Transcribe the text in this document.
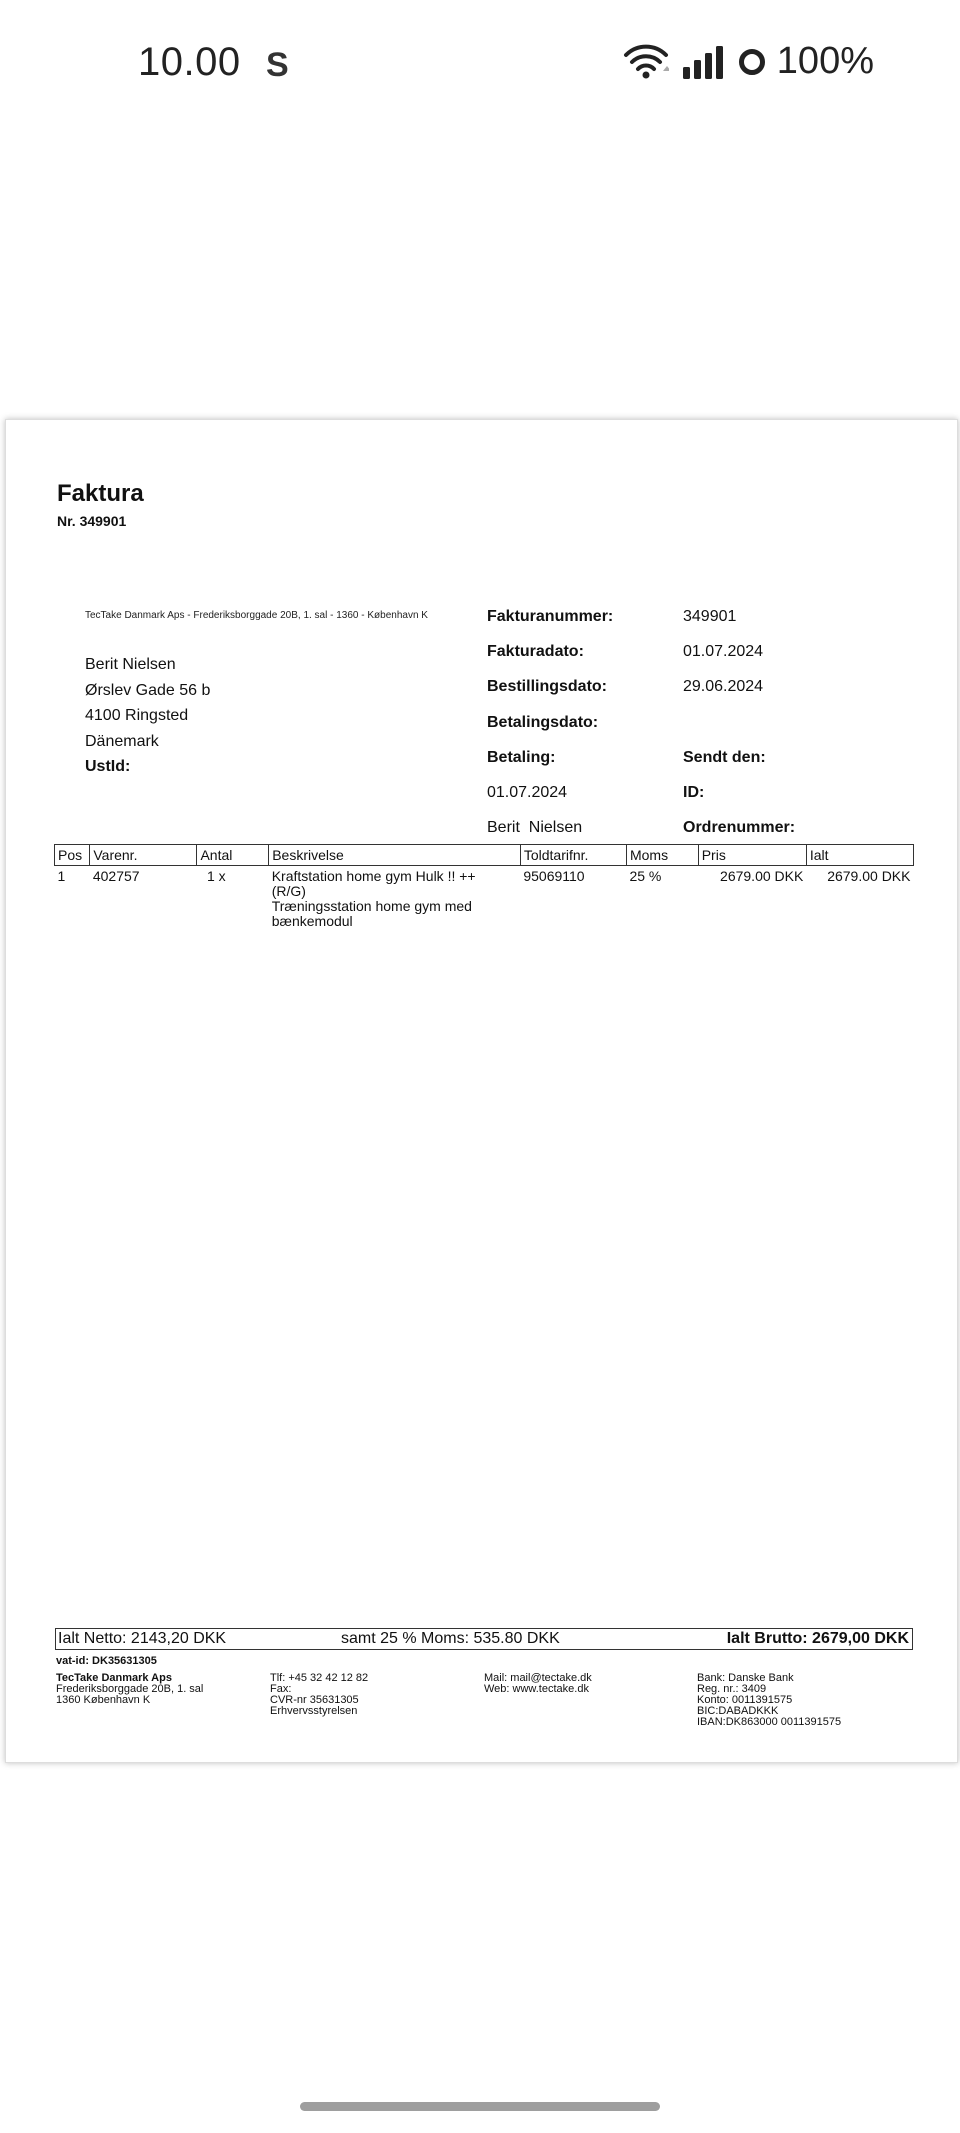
10.00 S	100%
Faktura
Nr. 349901
TecTake Danmark Aps - Frederiksborggade 20B, 1. sal - 1360 - København K
Berit Nielsen
Ørslev Gade 56 b
4100 Ringsted
Dänemark
UstId:
Fakturanummer:	349901
Fakturadato:	01.07.2024
Bestillingsdato:	29.06.2024
Betalingsdato:
Betaling:	Sendt den:
01.07.2024	ID:
Berit  Nielsen	Ordrenummer:
Pos	Varenr.	Antal	Beskrivelse	Toldtarifnr.	Moms	Pris	Ialt
1	402757	1 x	Kraftstation home gym Hulk !! ++
(R/G)
Træningsstation home gym med
bænkemodul	95069110	25 %	2679.00 DKK	2679.00 DKK
Ialt Netto: 2143,20 DKK	samt 25 % Moms: 535.80 DKK	Ialt Brutto: 2679,00 DKK
vat-id: DK35631305
TecTake Danmark Aps
Frederiksborggade 20B, 1. sal
1360 København K
Tlf: +45 32 42 12 82
Fax:
CVR-nr 35631305
Erhvervsstyrelsen
Mail: mail@tectake.dk
Web: www.tectake.dk
Bank: Danske Bank
Reg. nr.: 3409
Konto: 0011391575
BIC:DABADKKK
IBAN:DK863000 0011391575
